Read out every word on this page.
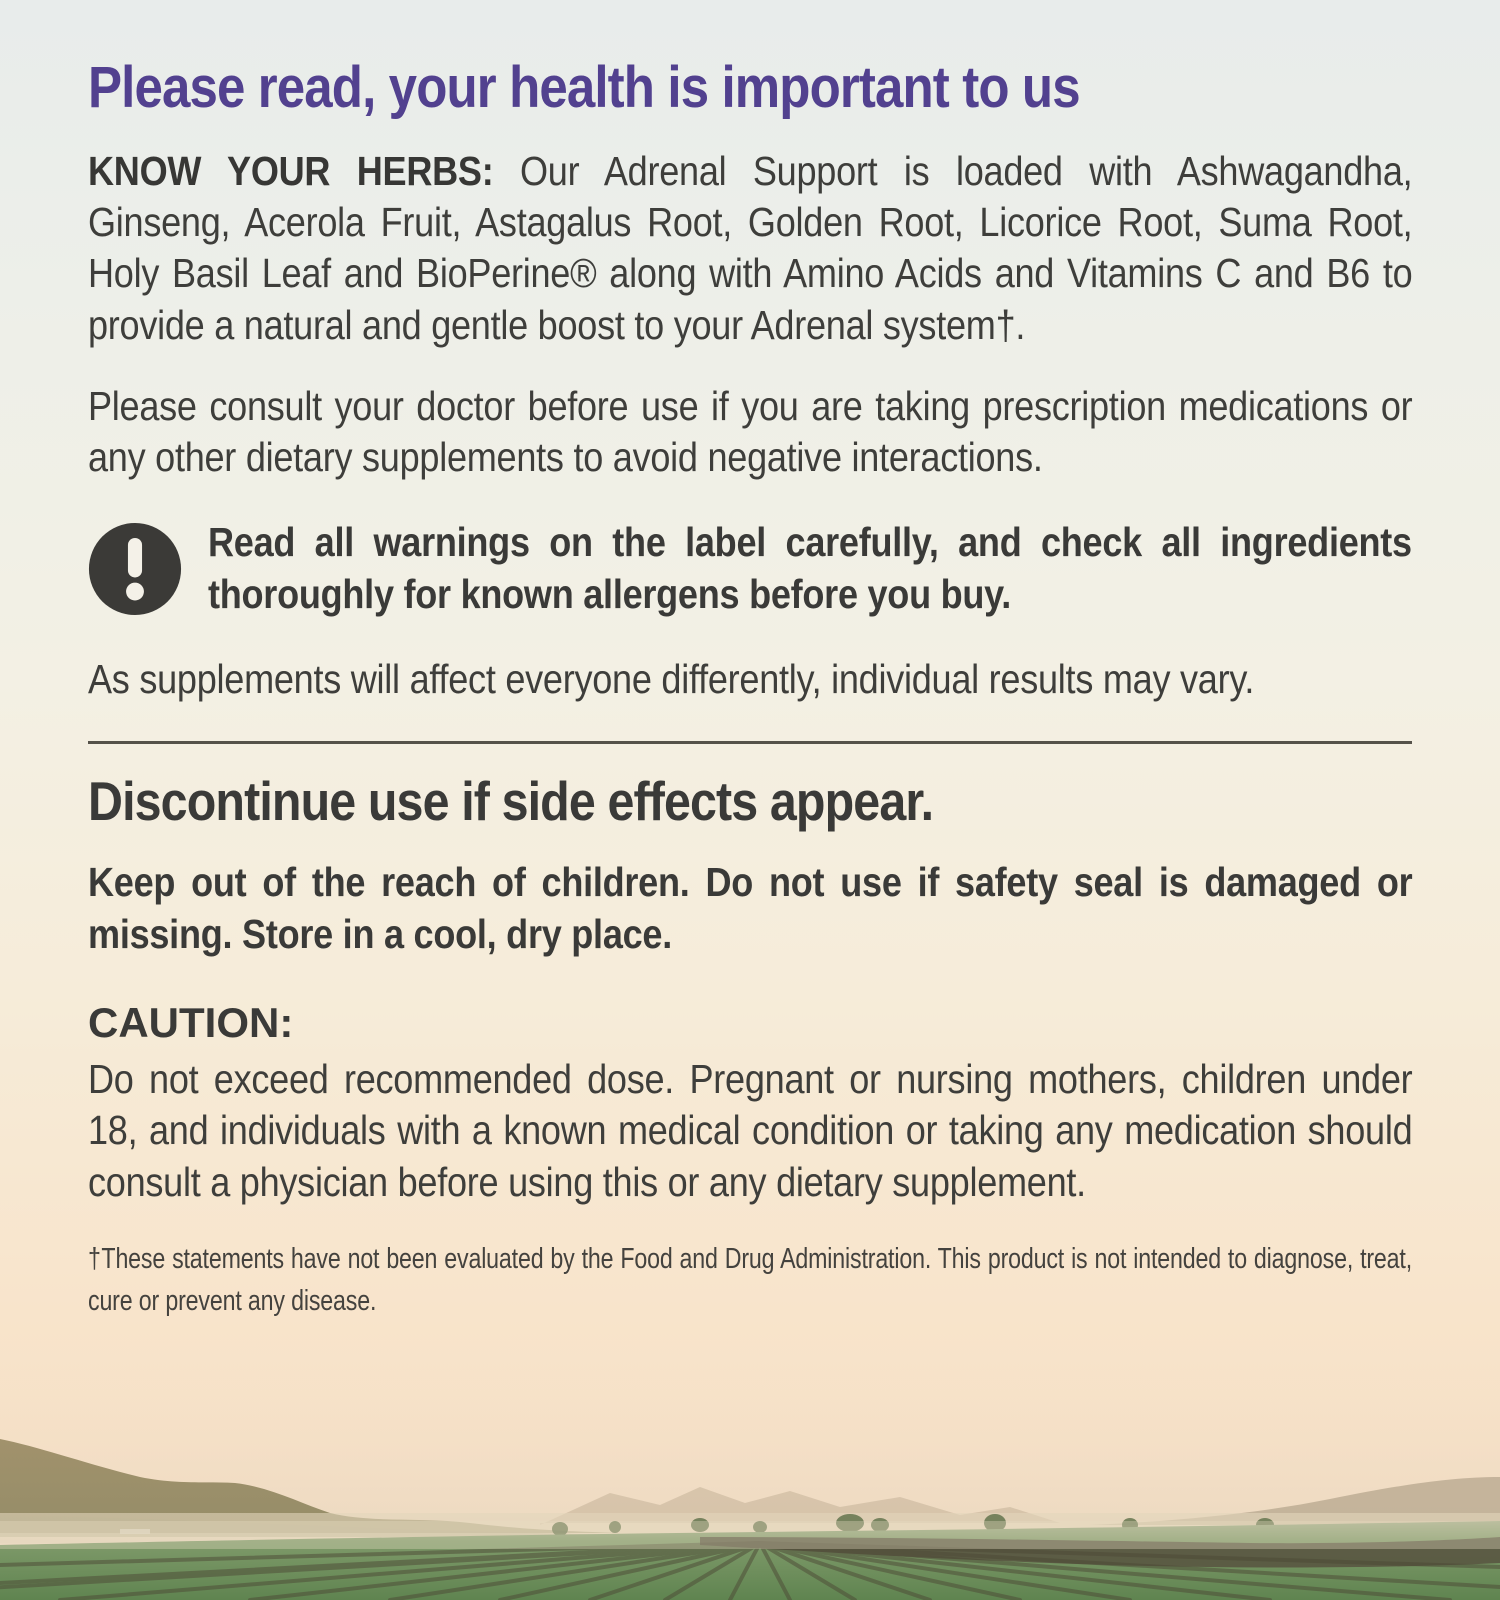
Please read, your health is important to us

KNOW YOUR HERBS: Our Adrenal Support is loaded with Ashwagandha, Ginseng, Acerola Fruit, Astagalus Root, Golden Root, Licorice Root, Suma Root, Holy Basil Leaf and BioPerine® along with Amino Acids and Vitamins C and B6 to provide a natural and gentle boost to your Adrenal system†.

Please consult your doctor before use if you are taking prescription medications or any other dietary supplements to avoid negative interactions.

Read all warnings on the label carefully, and check all ingredients thoroughly for known allergens before you buy.

As supplements will affect everyone differently, individual results may vary.

Discontinue use if side effects appear.

Keep out of the reach of children. Do not use if safety seal is damaged or missing. Store in a cool, dry place.

CAUTION:

Do not exceed recommended dose. Pregnant or nursing mothers, children under 18, and individuals with a known medical condition or taking any medication should consult a physician before using this or any dietary supplement.

†These statements have not been evaluated by the Food and Drug Administration. This product is not intended to diagnose, treat, cure or prevent any disease.
